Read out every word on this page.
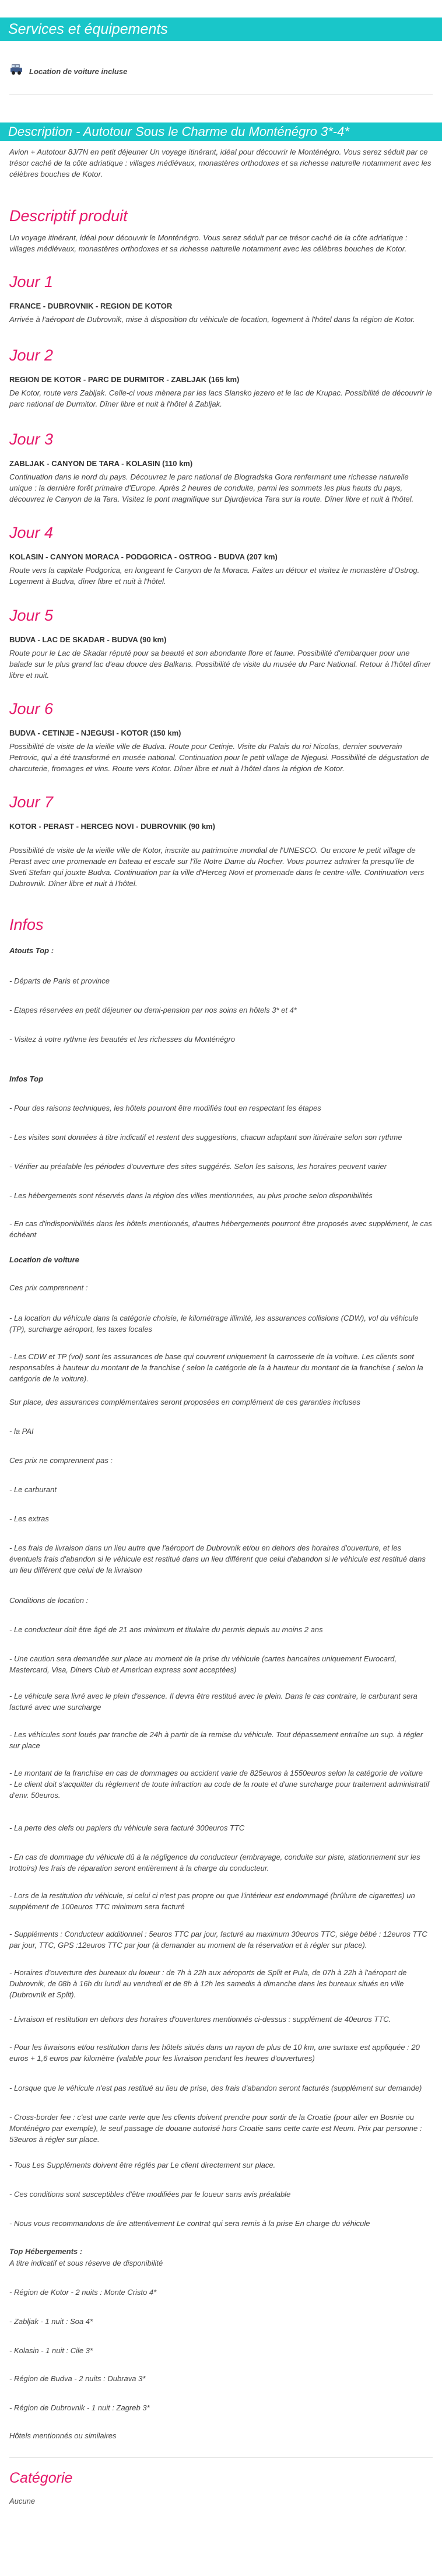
Services et équipements
Location de voiture incluse
Description - Autotour Sous le Charme du Monténégro 3*-4*
Avion + Autotour 8J/7N en petit déjeuner Un voyage itinérant, idéal pour découvrir le Monténégro. Vous serez séduit par ce trésor caché de la côte adriatique : villages médiévaux, monastères orthodoxes et sa richesse naturelle notamment avec les célèbres bouches de Kotor.
Descriptif produit
Un voyage itinérant, idéal pour découvrir le Monténégro. Vous serez séduit par ce trésor caché de la côte adriatique : villages médiévaux, monastères orthodoxes et sa richesse naturelle notamment avec les célèbres bouches de Kotor.
Jour 1
FRANCE - DUBROVNIK - REGION DE KOTOR
Arrivée à l'aéroport de Dubrovnik, mise à disposition du véhicule de location, logement à l'hôtel dans la région de Kotor.
Jour 2
REGION DE KOTOR - PARC DE DURMITOR - ZABLJAK (165 km)
De Kotor, route vers Zabljak. Celle-ci vous mènera par les lacs Slansko jezero et le lac de Krupac. Possibilité de découvrir le parc national de Durmitor. Dîner libre et nuit à l'hôtel à Zabljak.
Jour 3
ZABLJAK - CANYON DE TARA - KOLASIN (110 km)
Continuation dans le nord du pays. Découvrez le parc national de Biogradska Gora renfermant une richesse naturelle unique : la dernière forêt primaire d'Europe. Après 2 heures de conduite, parmi les sommets les plus hauts du pays, découvrez le Canyon de la Tara. Visitez le pont magnifique sur Djurdjevica Tara sur la route. Dîner libre et nuit à l'hôtel.
Jour 4
KOLASIN - CANYON MORACA - PODGORICA - OSTROG - BUDVA (207 km)
Route vers la capitale Podgorica, en longeant le Canyon de la Moraca. Faites un détour et visitez le monastère d'Ostrog. Logement à Budva, dîner libre et nuit à l'hôtel.
Jour 5
BUDVA - LAC DE SKADAR - BUDVA (90 km)
Route pour le Lac de Skadar réputé pour sa beauté et son abondante flore et faune. Possibilité d'embarquer pour une balade sur le plus grand lac d'eau douce des Balkans. Possibilité de visite du musée du Parc National. Retour à l'hôtel dîner libre et nuit.
Jour 6
BUDVA - CETINJE - NJEGUSI - KOTOR (150 km)
Possibilité de visite de la vieille ville de Budva. Route pour Cetinje. Visite du Palais du roi Nicolas, dernier souverain Petrovic, qui a été transformé en musée national. Continuation pour le petit village de Njegusi. Possibilité de dégustation de charcuterie, fromages et vins. Route vers Kotor. Dîner libre et nuit à l'hôtel dans la région de Kotor.
Jour 7
KOTOR - PERAST - HERCEG NOVI - DUBROVNIK (90 km)
Possibilité de visite de la vieille ville de Kotor, inscrite au patrimoine mondial de l'UNESCO. Ou encore le petit village de Perast avec une promenade en bateau et escale sur l'île Notre Dame du Rocher. Vous pourrez admirer la presqu'île de Sveti Stefan qui jouxte Budva. Continuation par la ville d'Herceg Novi et promenade dans le centre-ville. Continuation vers Dubrovnik. Dîner libre et nuit à l'hôtel.
Infos
Atouts Top :
- Départs de Paris et province
- Etapes réservées en petit déjeuner ou demi-pension par nos soins en hôtels 3* et 4*
- Visitez à votre rythme les beautés et les richesses du Monténégro
Infos Top
- Pour des raisons techniques, les hôtels pourront être modifiés tout en respectant les étapes
- Les visites sont données à titre indicatif et restent des suggestions, chacun adaptant son itinéraire selon son rythme
- Vérifier au préalable les périodes d'ouverture des sites suggérés. Selon les saisons, les horaires peuvent varier
- Les hébergements sont réservés dans la région des villes mentionnées, au plus proche selon disponibilités
- En cas d'indisponibilités dans les hôtels mentionnés, d'autres hébergements pourront être proposés avec supplément, le cas échéant
Location de voiture
Ces prix comprennent :
- La location du véhicule dans la catégorie choisie, le kilométrage illimité, les assurances collisions (CDW), vol du véhicule (TP), surcharge aéroport, les taxes locales
- Les CDW et TP (vol) sont les assurances de base qui couvrent uniquement la carrosserie de la voiture. Les clients sont responsables à hauteur du montant de la franchise ( selon la catégorie de la à hauteur du montant de la franchise ( selon la catégorie de la voiture).
Sur place, des assurances complémentaires seront proposées en complément de ces garanties incluses
- la PAI
Ces prix ne comprennent pas :
- Le carburant
- Les extras
- Les frais de livraison dans un lieu autre que l'aéroport de Dubrovnik et/ou en dehors des horaires d'ouverture, et les éventuels frais d'abandon si le véhicule est restitué dans un lieu différent que celui d'abandon si le véhicule est restitué dans un lieu différent que celui de la livraison
Conditions de location :
- Le conducteur doit être âgé de 21 ans minimum et titulaire du permis depuis au moins 2 ans
- Une caution sera demandée sur place au moment de la prise du véhicule (cartes bancaires uniquement Eurocard, Mastercard, Visa, Diners Club et American express sont acceptées)
- Le véhicule sera livré avec le plein d'essence. Il devra être restitué avec le plein. Dans le cas contraire, le carburant sera facturé avec une surcharge
- Les véhicules sont loués par tranche de 24h à partir de la remise du véhicule. Tout dépassement entraîne un sup. à régler sur place
- Le montant de la franchise en cas de dommages ou accident varie de 825euros à 1550euros selon la catégorie de voiture
- Le client doit s'acquitter du règlement de toute infraction au code de la route et d'une surcharge pour traitement administratif d'env. 50euros.
- La perte des clefs ou papiers du véhicule sera facturé 300euros TTC
- En cas de dommage du véhicule dû à la négligence du conducteur (embrayage, conduite sur piste, stationnement sur les trottoirs) les frais de réparation seront entièrement à la charge du conducteur.
- Lors de la restitution du véhicule, si celui ci n'est pas propre ou que l'intérieur est endommagé (brûlure de cigarettes) un supplément de 100euros TTC minimum sera facturé
- Suppléments : Conducteur additionnel : 5euros TTC par jour, facturé au maximum 30euros TTC, siège bébé : 12euros TTC par jour, TTC, GPS :12euros TTC par jour (à demander au moment de la réservation et à régler sur place).
- Horaires d'ouverture des bureaux du loueur : de 7h à 22h aux aéroports de Split et Pula, de 07h à 22h à l'aéroport de Dubrovnik, de 08h à 16h du lundi au vendredi et de 8h à 12h les samedis à dimanche dans les bureaux situés en ville (Dubrovnik et Split).
- Livraison et restitution en dehors des horaires d'ouvertures mentionnés ci-dessus : supplément de 40euros TTC.
- Pour les livraisons et/ou restitution dans les hôtels situés dans un rayon de plus de 10 km, une surtaxe est appliquée : 20 euros + 1,6 euros par kilomètre (valable pour les livraison pendant les heures d'ouvertures)
- Lorsque que le véhicule n'est pas restitué au lieu de prise, des frais d'abandon seront facturés (supplément sur demande)
- Cross-border fee : c'est une carte verte que les clients doivent prendre pour sortir de la Croatie (pour aller en Bosnie ou Monténégro par exemple), le seul passage de douane autorisé hors Croatie sans cette carte est Neum. Prix par personne : 53euros à régler sur place.
- Tous Les Suppléments doivent être réglés par Le client directement sur place.
- Ces conditions sont susceptibles d'être modifiées par le loueur sans avis préalable
- Nous vous recommandons de lire attentivement Le contrat qui sera remis à la prise En charge du véhicule
Top Hébergements :
A titre indicatif et sous réserve de disponibilité
- Région de Kotor - 2 nuits : Monte Cristo 4*
- Zabljak - 1 nuit : Soa 4*
- Kolasin - 1 nuit : Cile 3*
- Région de Budva - 2 nuits : Dubrava 3*
- Région de Dubrovnik - 1 nuit : Zagreb 3*
Hôtels mentionnés ou similaires
Catégorie
Aucune
